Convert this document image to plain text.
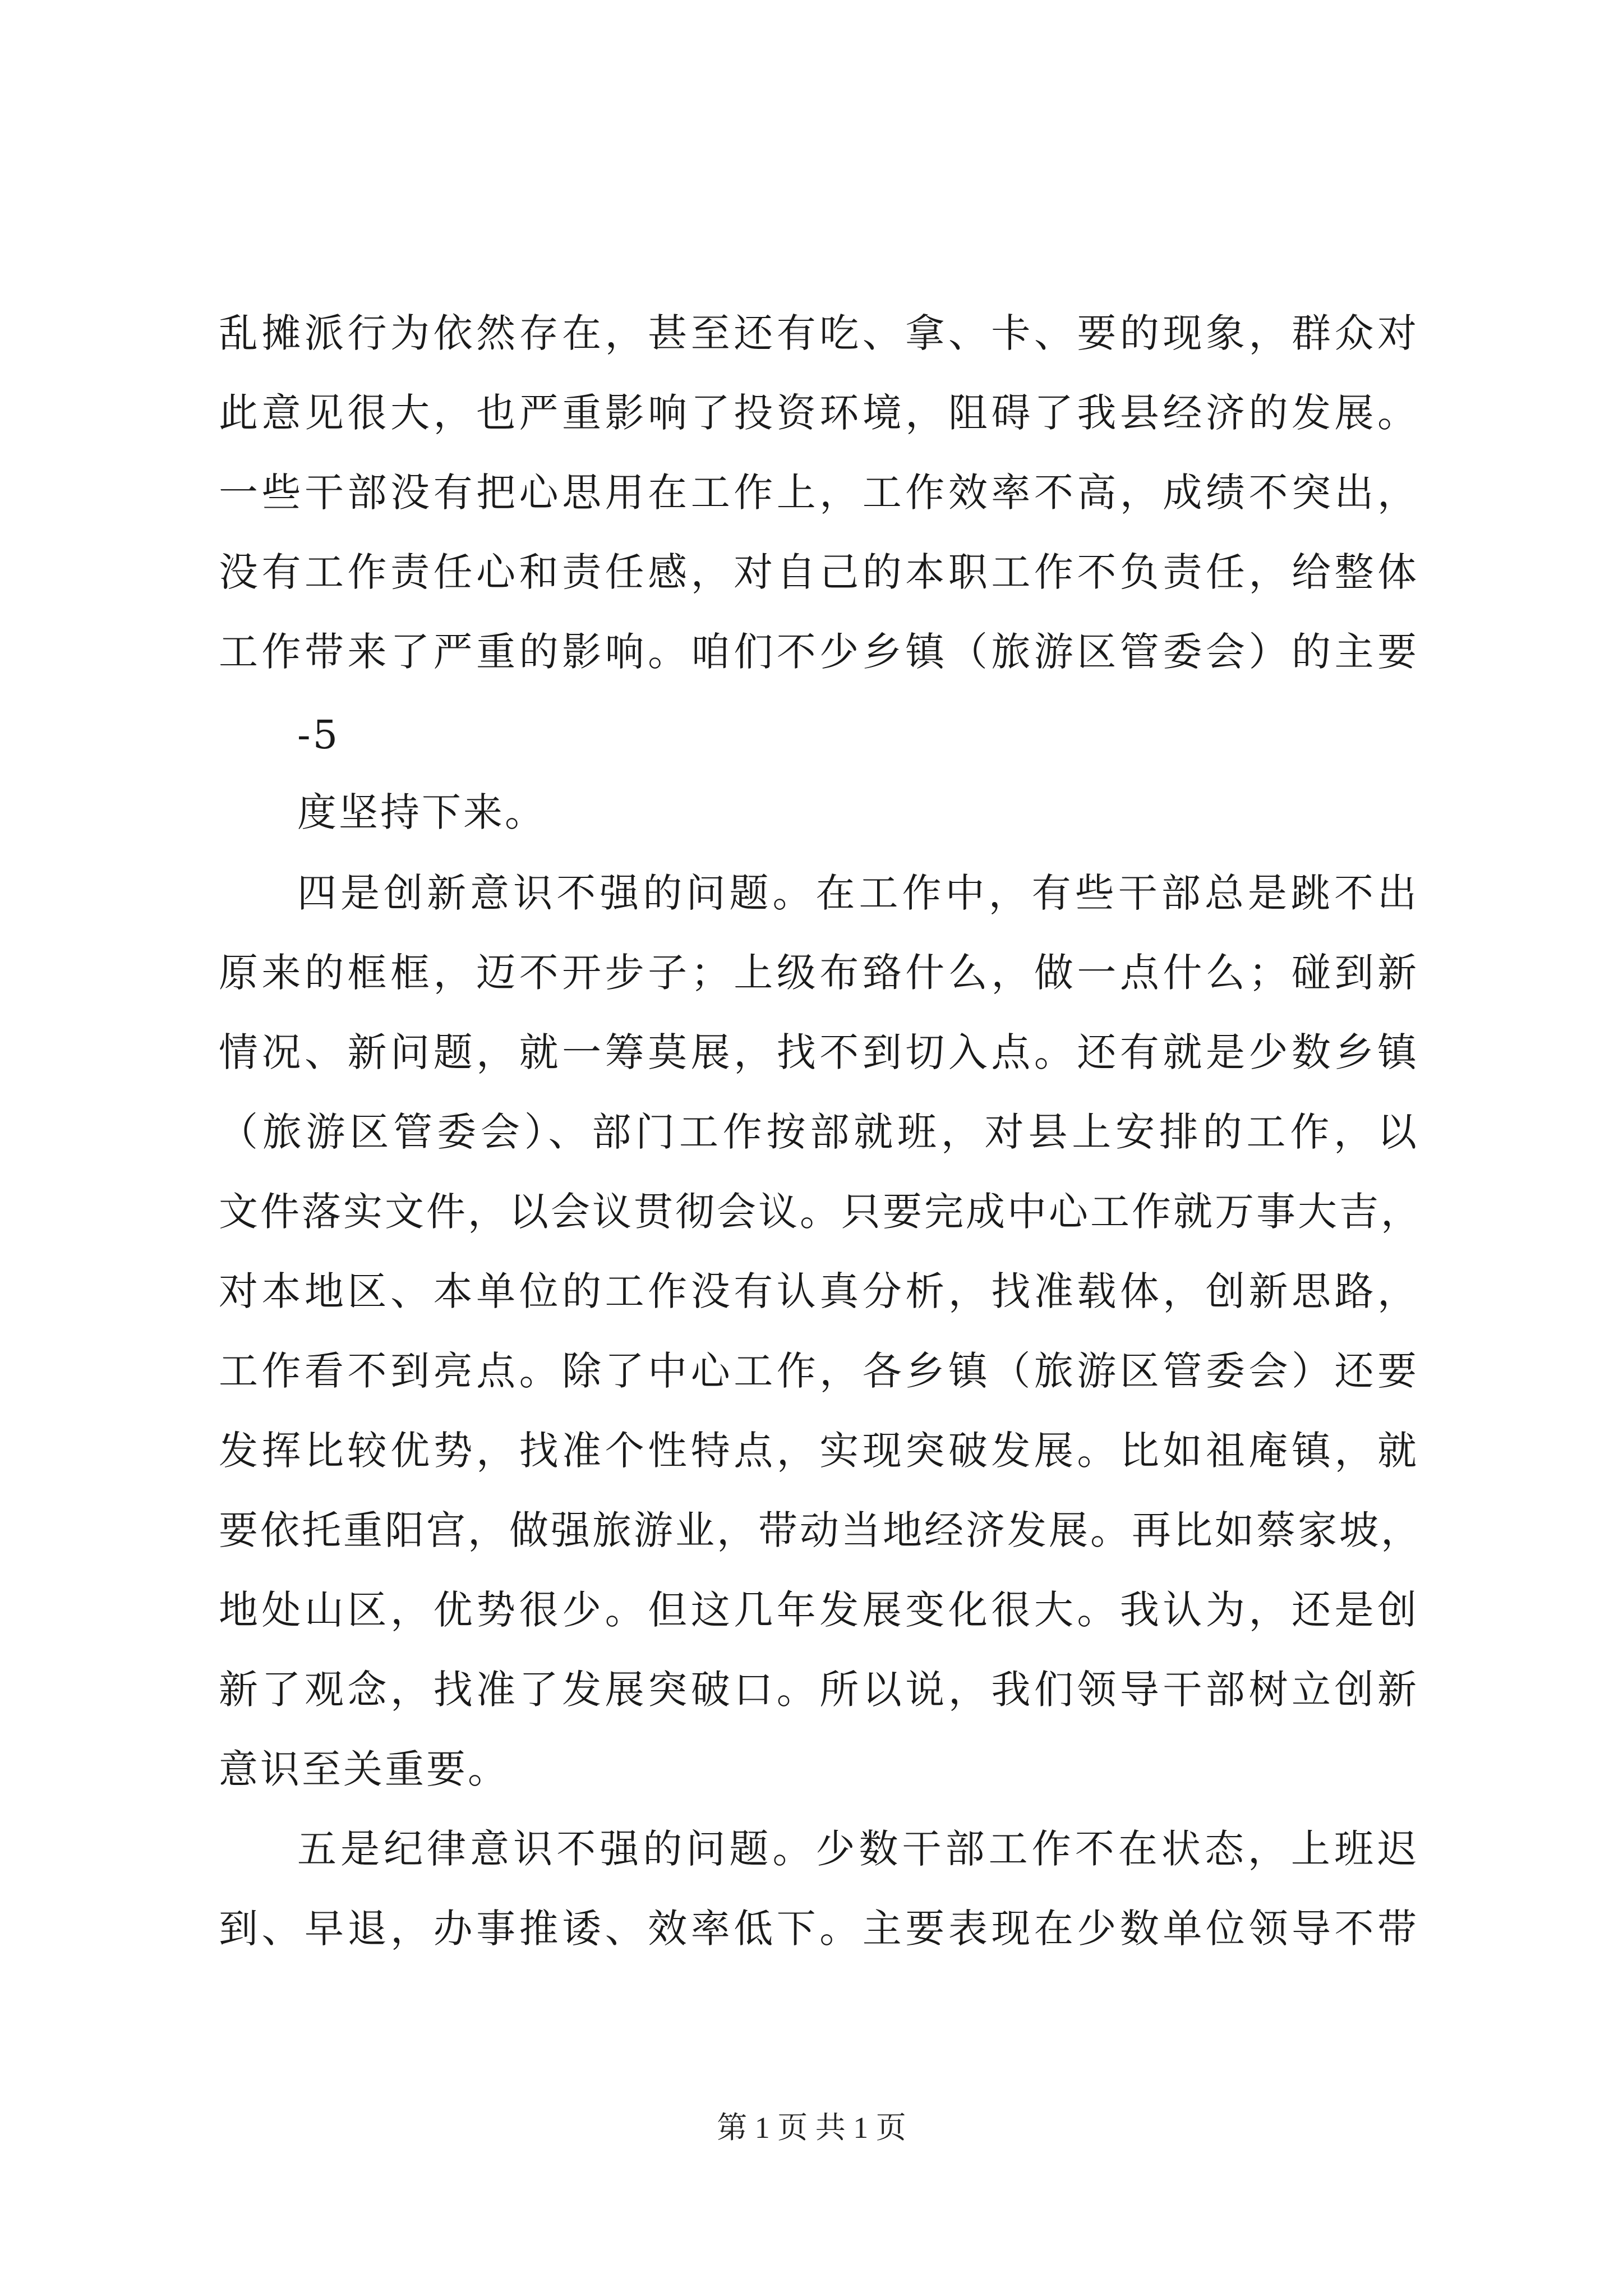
乱摊派行为依然存在，甚至还有吃、拿、卡、要的现象，群众对
此意见很大，也严重影响了投资环境，阻碍了我县经济的发展。
一些干部没有把心思用在工作上，工作效率不高，成绩不突出，
没有工作责任心和责任感，对自己的本职工作不负责任，给整体
工作带来了严重的影响。咱们不少乡镇（旅游区管委会）的主要
-5
度坚持下来。
四是创新意识不强的问题。在工作中，有些干部总是跳不出
原来的框框，迈不开步子；上级布臵什么，做一点什么；碰到新
情况、新问题，就一筹莫展，找不到切入点。还有就是少数乡镇
（旅游区管委会）、部门工作按部就班，对县上安排的工作，以
文件落实文件，以会议贯彻会议。只要完成中心工作就万事大吉，
对本地区、本单位的工作没有认真分析，找准载体，创新思路，
工作看不到亮点。除了中心工作，各乡镇（旅游区管委会）还要
发挥比较优势，找准个性特点，实现突破发展。比如祖庵镇，就
要依托重阳宫，做强旅游业，带动当地经济发展。再比如蔡家坡，
地处山区，优势很少。但这几年发展变化很大。我认为，还是创
新了观念，找准了发展突破口。所以说，我们领导干部树立创新
意识至关重要。
五是纪律意识不强的问题。少数干部工作不在状态，上班迟
到、早退，办事推诿、效率低下。主要表现在少数单位领导不带
第 1 页 共 1 页
